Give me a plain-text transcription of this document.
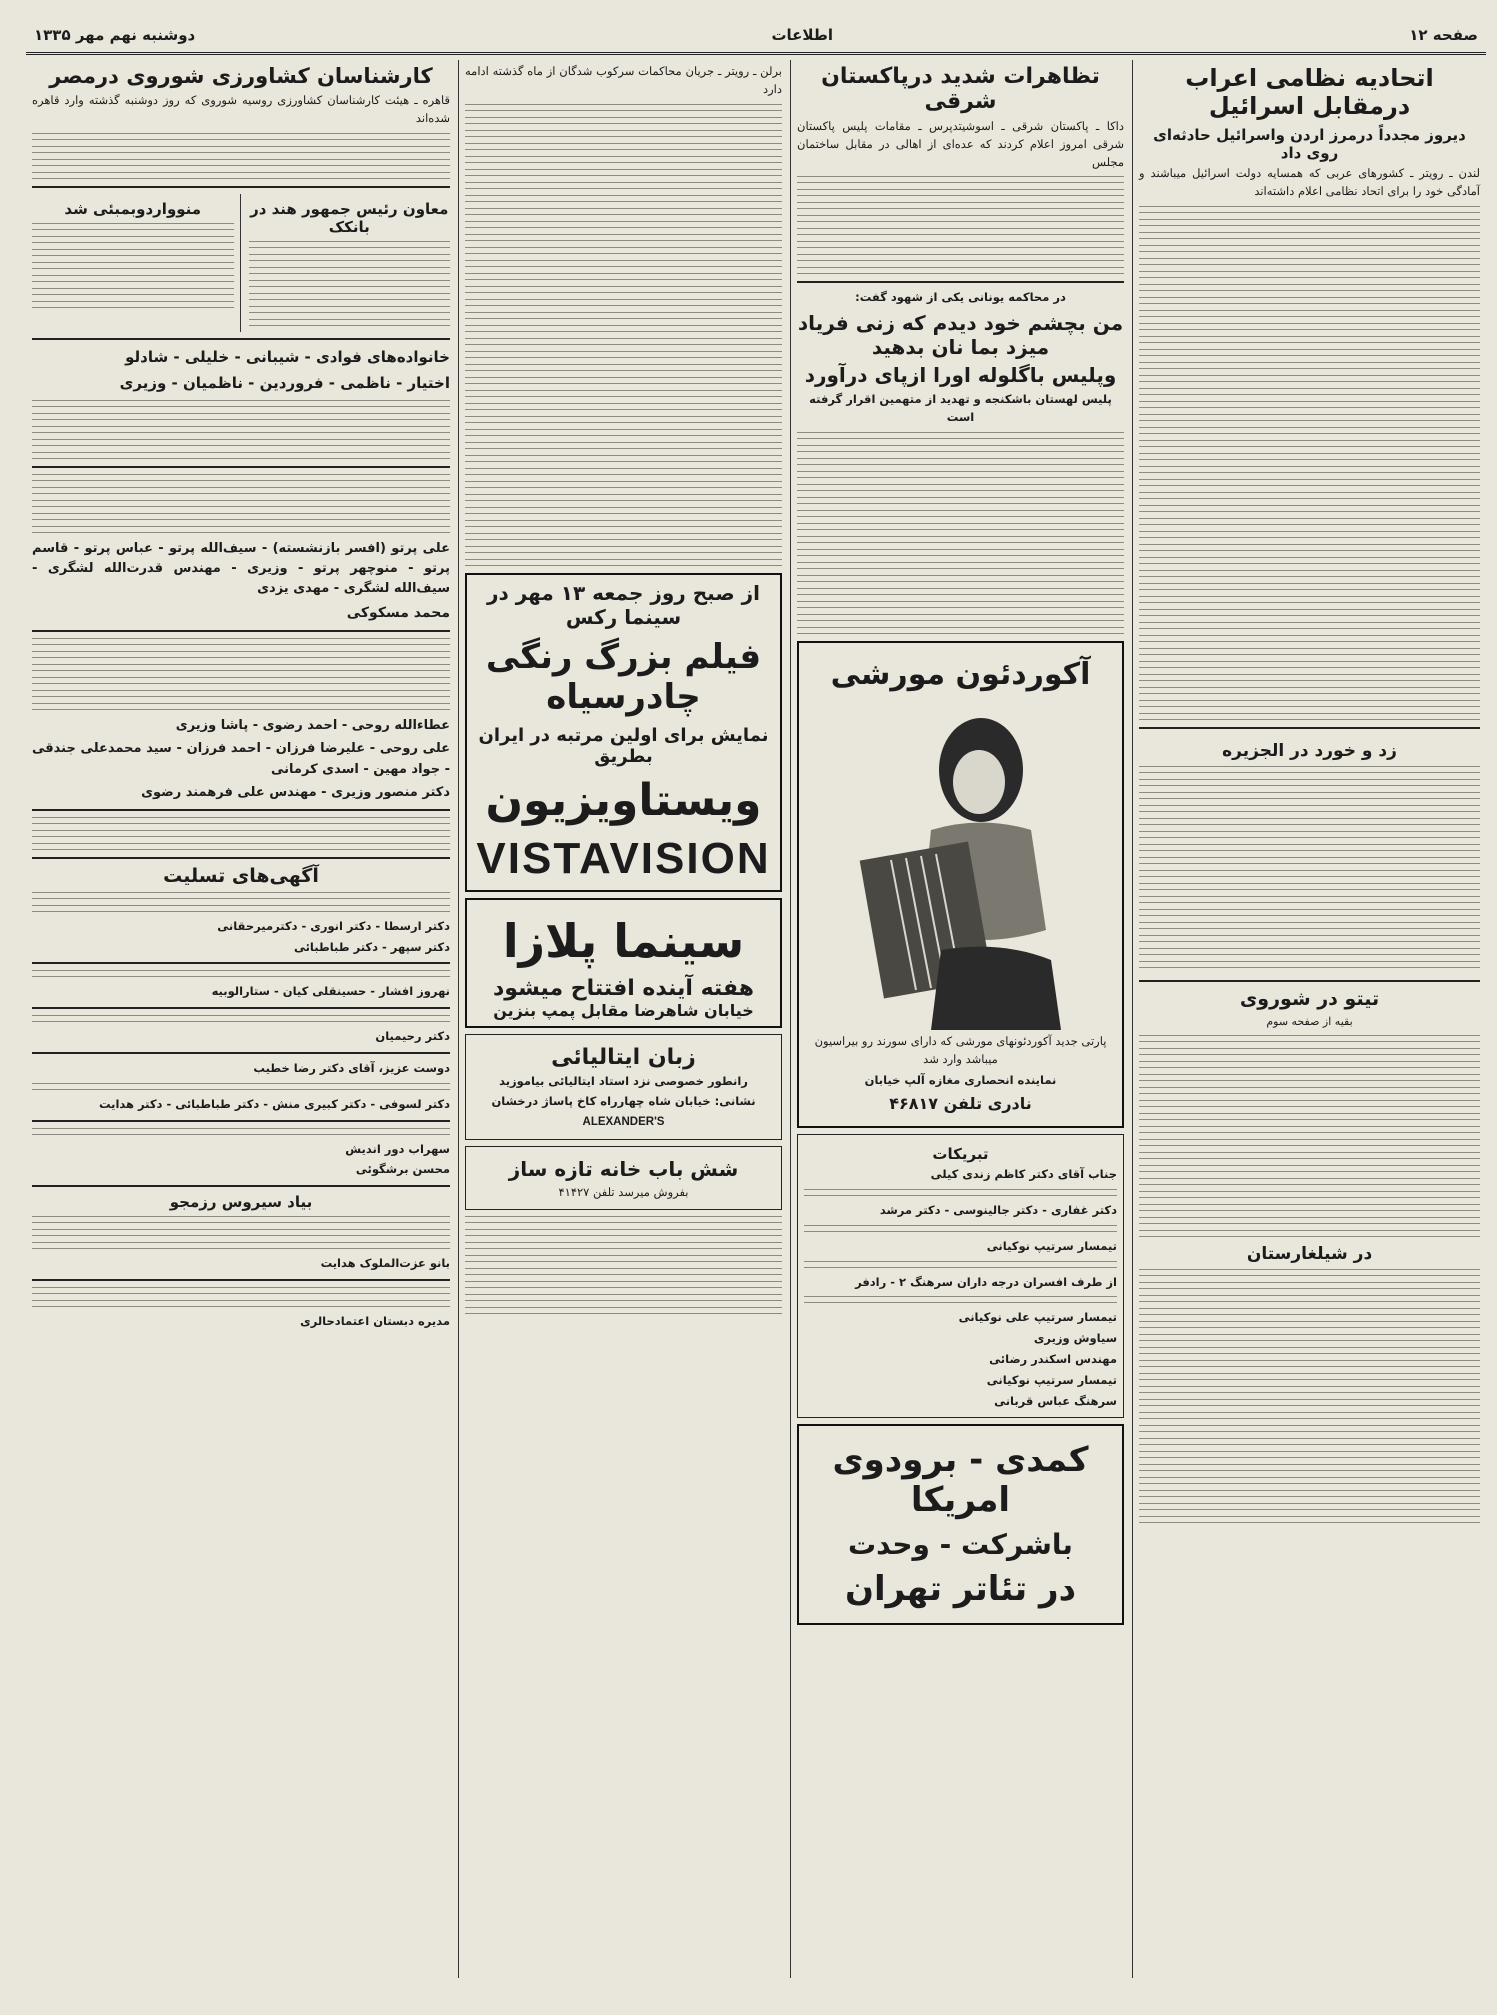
صفحه ۱۲
اطلاعات
دوشنبه نهم مهر ۱۳۳۵
اتحادیه نظامی اعراب درمقابل اسرائیل
دیروز مجدداً درمرز اردن واسرائیل حادثه‌ای روی داد

لندن ـ رویتر ـ کشورهای عربی که همسایه دولت اسرائیل میباشند و آمادگی خود را برای اتحاد نظامی اعلام داشته‌اند

زد و خورد در الجزیره
تیتو در شوروی

بقیه از صفحه سوم

در شیلغارستان
تظاهرات شدید درپاکستان شرقی

داکا ـ پاکستان شرقی ـ اسوشیتدپرس ـ مقامات پلیس پاکستان شرقی امروز اعلام کردند که عده‌ای از اهالی در مقابل ساختمان مجلس

در محاکمه یونانی یکی از شهود گفت:

من بچشم خود دیدم که زنی فریاد میزد بما نان بدهید
وپلیس باگلوله اورا ازپای درآورد

پلیس لهستان باشکنجه و تهدید از متهمین اقرار گرفته است

آکوردئون مورشی

پارتی جدید آکوردئونهای مورشی که دارای سورند رو بیراسیون میباشد وارد شد

نماینده انحصاری مغازه آلپ خیابان

نادری تلفن ۴۶۸۱۷

تبریکات

جناب آقای دکتر کاظم زندی کیلی

دکتر غفاری - دکتر جالینوسی - دکتر مرشد

تیمسار سرتیپ نوکیانی

از طرف افسران درجه داران سرهنگ ۲ - رادفر

تیمسار سرتیپ علی نوکیانی

سیاوش وزیری

مهندس اسکندر رضائی

تیمسار سرتیپ نوکیانی

سرهنگ عباس قربانی

کمدی - برودوی امریکا
باشرکت - وحدت
در تئاتر تهران

برلن ـ رویتر ـ جریان محاکمات سرکوب شدگان از ماه گذشته ادامه دارد

از صبح روز جمعه ۱۳ مهر در سینما رکس
فیلم بزرگ رنگی چادرسیاه
نمایش برای اولین مرتبه در ایران بطریق
ویستاویزیون
VISTAVISION
سینما پلازا
هفته آینده افتتاح میشود
خیابان شاهرضا مقابل پمپ بنزین
زبان ایتالیائی

رانطور خصوصی نزد استاد ایتالیائی بیاموزید

نشانی: خیابان شاه چهارراه کاخ پاساژ درخشان

ALEXANDER'S

شش باب خانه تازه ساز

بفروش میرسد تلفن ۴۱۴۲۷

کارشناسان کشاورزی شوروی درمصر

قاهره ـ هیئت کارشناسان کشاورزی روسیه شوروی که روز دوشنبه گذشته وارد قاهره شده‌اند

معاون رئیس جمهور هند در بانکک
منوواردوبمبئی شد

خانواده‌های فوادی - شیبانی - خلیلی - شادلو

اختیار - ناظمی - فروردین - ناظمیان - وزیری

علی پرتو (افسر بازنشسته) - سیف‌الله پرتو - عباس پرتو - قاسم پرتو - منوچهر پرتو - وزیری - مهندس قدرت‌الله لشگری - سیف‌الله لشگری - مهدی یزدی

محمد مسکوکی

عطاءالله روحی - احمد رضوی - پاشا وزیری

علی روحی - علیرضا فرزان - احمد فرزان - سید محمدعلی جندقی - جواد مهین - اسدی کرمانی

دکتر منصور وزیری - مهندس علی فرهمند رضوی

آگهی‌های تسلیت

دکتر ارسطا - دکتر انوری - دکترمیرحقانی

دکتر سپهر - دکتر طباطبائی

نهروز افشار - حسینقلی کیان - ستارالوبیه

دکتر رحیمیان

دوست عزیز، آقای دکتر رضا خطیب

دکتر لسوفی - دکتر کبیری منش - دکتر طباطبائی - دکتر هدایت

سهراب دور اندیش

محسن برشگوئی

بیاد سیروس رزمجو

بانو عزت‌الملوک هدایت

مدیره دبستان اعتمادحالری
